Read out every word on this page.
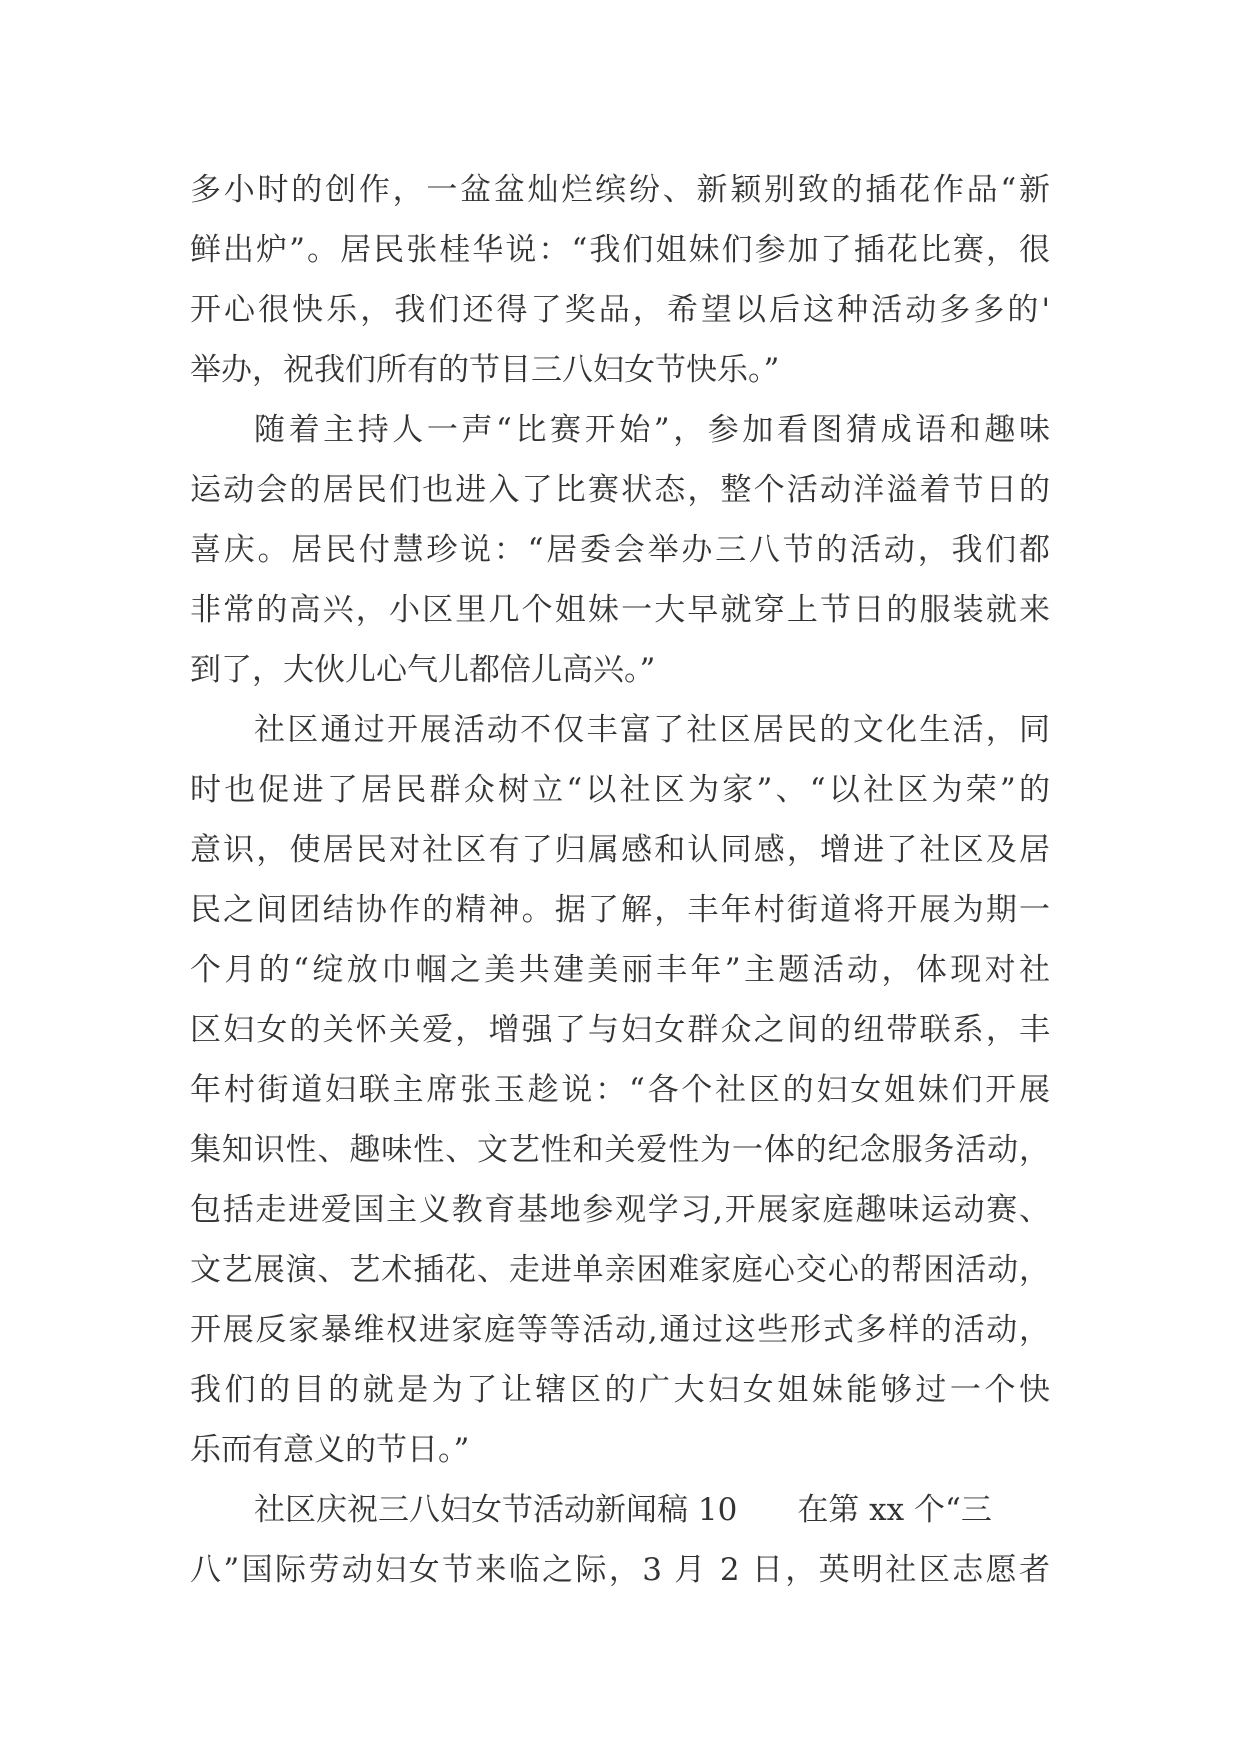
多小时的创作，一盆盆灿烂缤纷、新颖别致的插花作品“新
鲜出炉”。居民张桂华说：“我们姐妹们参加了插花比赛，很
开心很快乐，我们还得了奖品，希望以后这种活动多多的'
举办，祝我们所有的节目三八妇女节快乐。”
随着主持人一声“比赛开始”，参加看图猜成语和趣味
运动会的居民们也进入了比赛状态，整个活动洋溢着节日的
喜庆。居民付慧珍说：“居委会举办三八节的活动，我们都
非常的高兴，小区里几个姐妹一大早就穿上节日的服装就来
到了，大伙儿心气儿都倍儿高兴。”
社区通过开展活动不仅丰富了社区居民的文化生活，同
时也促进了居民群众树立“以社区为家”、“以社区为荣”的
意识，使居民对社区有了归属感和认同感，增进了社区及居
民之间团结协作的精神。据了解，丰年村街道将开展为期一
个月的“绽放巾帼之美共建美丽丰年”主题活动，体现对社
区妇女的关怀关爱，增强了与妇女群众之间的纽带联系，丰
年村街道妇联主席张玉趁说：“各个社区的妇女姐妹们开展
集知识性、趣味性、文艺性和关爱性为一体的纪念服务活动，
包括走进爱国主义教育基地参观学习,开展家庭趣味运动赛、
文艺展演、艺术插花、走进单亲困难家庭心交心的帮困活动，
开展反家暴维权进家庭等等活动,通过这些形式多样的活动，
我们的目的就是为了让辖区的广大妇女姐妹能够过一个快
乐而有意义的节日。”
社区庆祝三八妇女节活动新闻稿 10 在第 xx 个“三
八”国际劳动妇女节来临之际，3 月 2 日，英明社区志愿者
